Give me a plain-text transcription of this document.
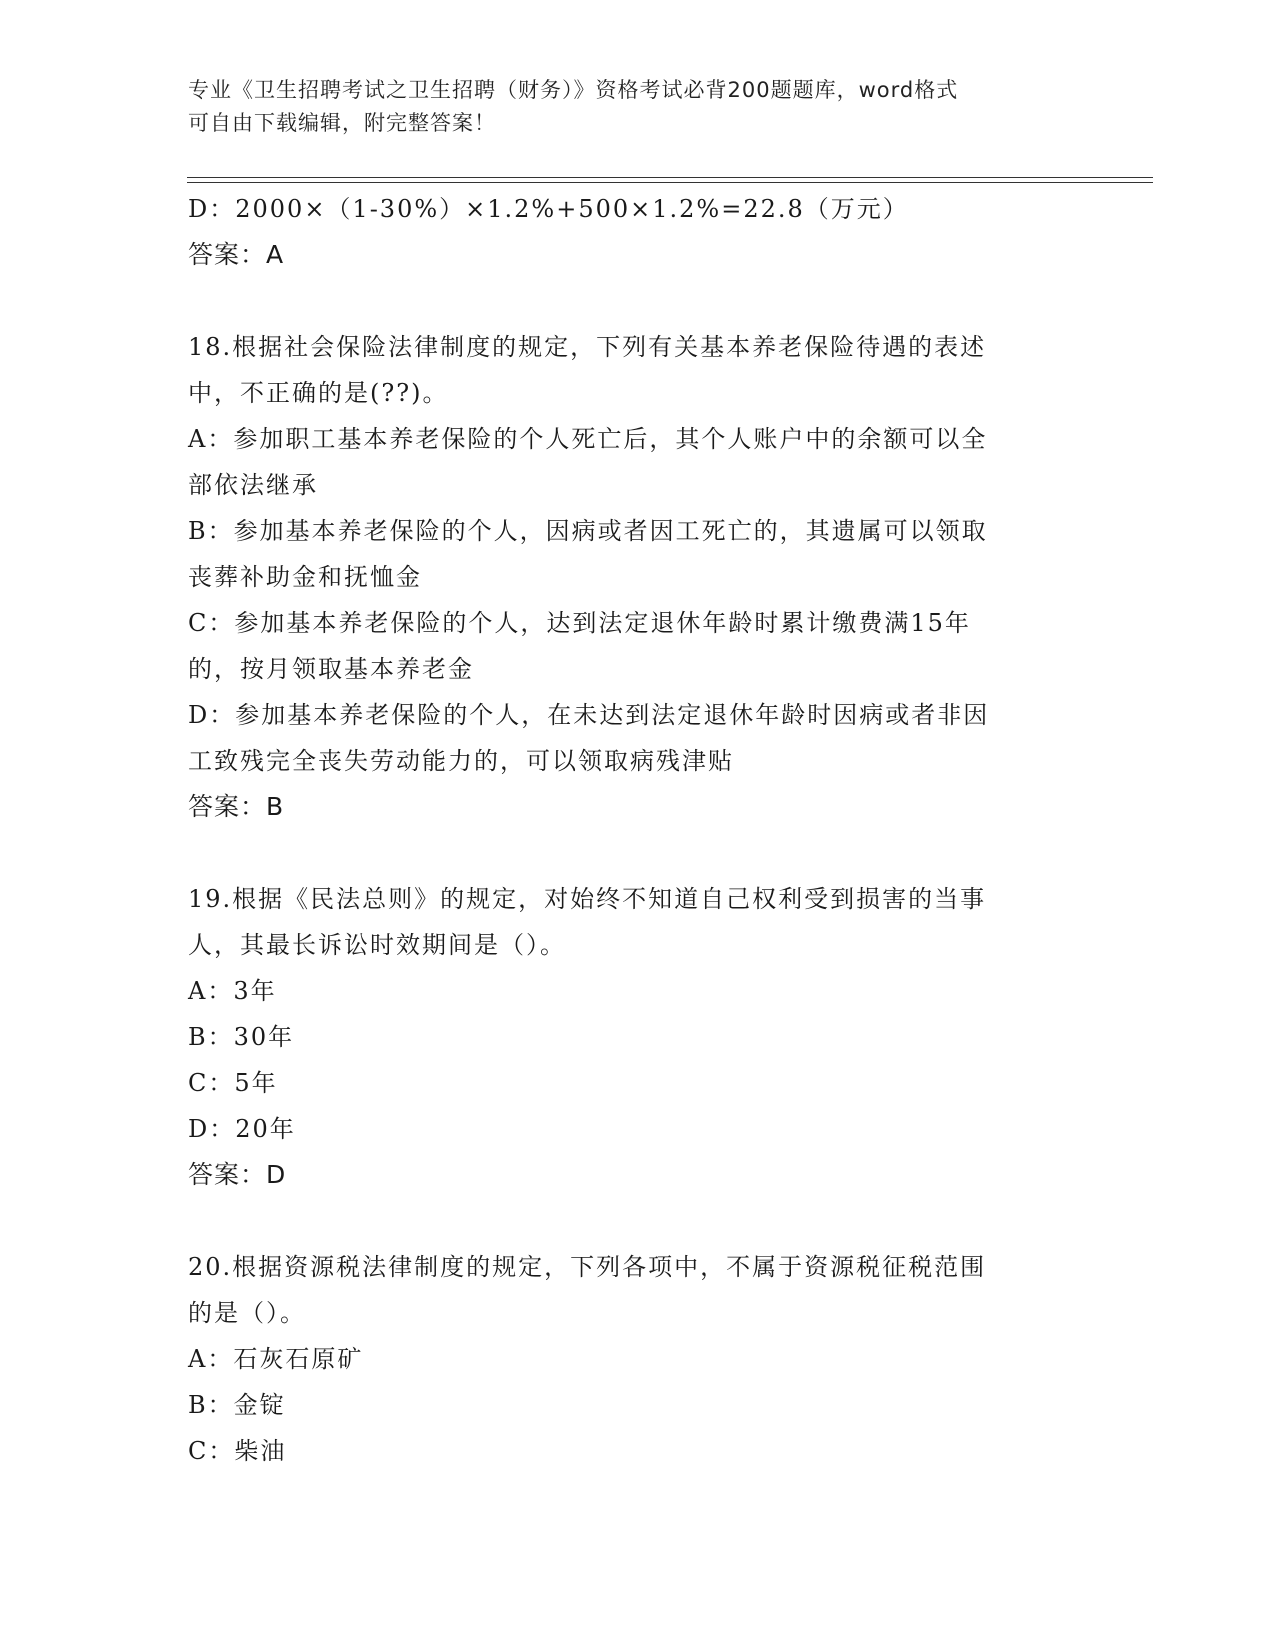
专业《卫生招聘考试之卫生招聘（财务）》资格考试必背200题题库，word格式
可自由下载编辑，附完整答案！

D：2000×（1-30%）×1.2%+500×1.2%=22.8（万元）

答案：A

18.根据社会保险法律制度的规定，下列有关基本养老保险待遇的表述

中，不正确的是(??)。

A：参加职工基本养老保险的个人死亡后，其个人账户中的余额可以全

部依法继承

B：参加基本养老保险的个人，因病或者因工死亡的，其遗属可以领取

丧葬补助金和抚恤金

C：参加基本养老保险的个人，达到法定退休年龄时累计缴费满15年

的，按月领取基本养老金

D：参加基本养老保险的个人，在未达到法定退休年龄时因病或者非因

工致残完全丧失劳动能力的，可以领取病残津贴

答案：B

19.根据《民法总则》的规定，对始终不知道自己权利受到损害的当事

人，其最长诉讼时效期间是（）。

A：3年

B：30年

C：5年

D：20年

答案：D

20.根据资源税法律制度的规定，下列各项中，不属于资源税征税范围

的是（）。

A：石灰石原矿

B：金锭

C：柴油
